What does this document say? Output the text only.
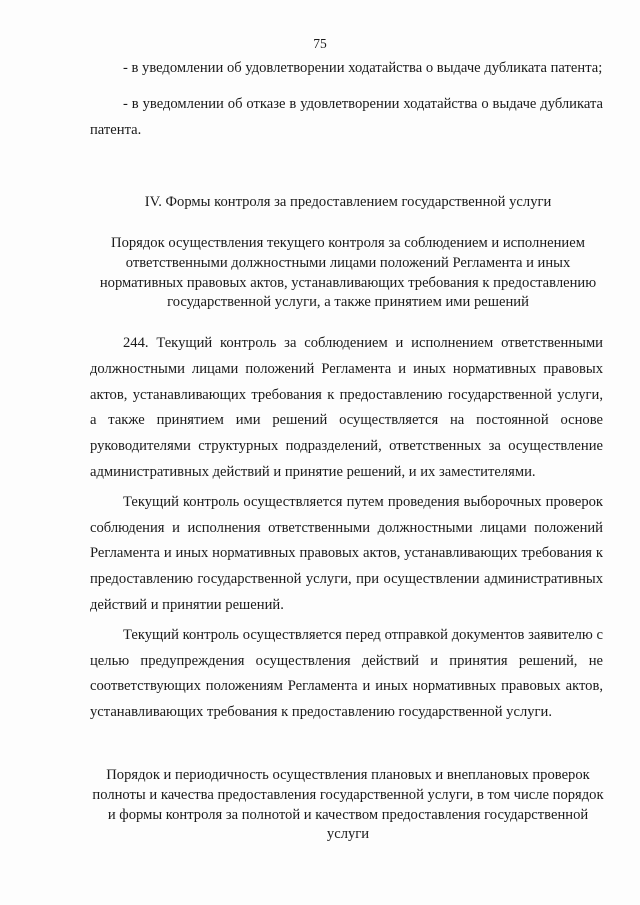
75

- в уведомлении об удовлетворении ходатайства о выдаче дубликата патента;

- в уведомлении об отказе в удовлетворении ходатайства о выдаче дубликата патента.

IV. Формы контроля за предоставлением государственной услуги
Порядок осуществления текущего контроля за соблюдением и исполнением ответственными должностными лицами положений Регламента и иных нормативных правовых актов, устанавливающих требования к предоставлению государственной услуги, а также принятием ими решений

244. Текущий контроль за соблюдением и исполнением ответственными должностными лицами положений Регламента и иных нормативных правовых актов, устанавливающих требования к предоставлению государственной услуги, а также принятием ими решений осуществляется на постоянной основе руководителями структурных подразделений, ответственных за осуществление административных действий и принятие решений, и их заместителями.

Текущий контроль осуществляется путем проведения выборочных проверок соблюдения и исполнения ответственными должностными лицами положений Регламента и иных нормативных правовых актов, устанавливающих требования к предоставлению государственной услуги, при осуществлении административных действий и принятии решений.

Текущий контроль осуществляется перед отправкой документов заявителю с целью предупреждения осуществления действий и принятия решений, не соответствующих положениям Регламента и иных нормативных правовых актов, устанавливающих требования к предоставлению государственной услуги.

Порядок и периодичность осуществления плановых и внеплановых проверок полноты и качества предоставления государственной услуги, в том числе порядок и формы контроля за полнотой и качеством предоставления государственной услуги
